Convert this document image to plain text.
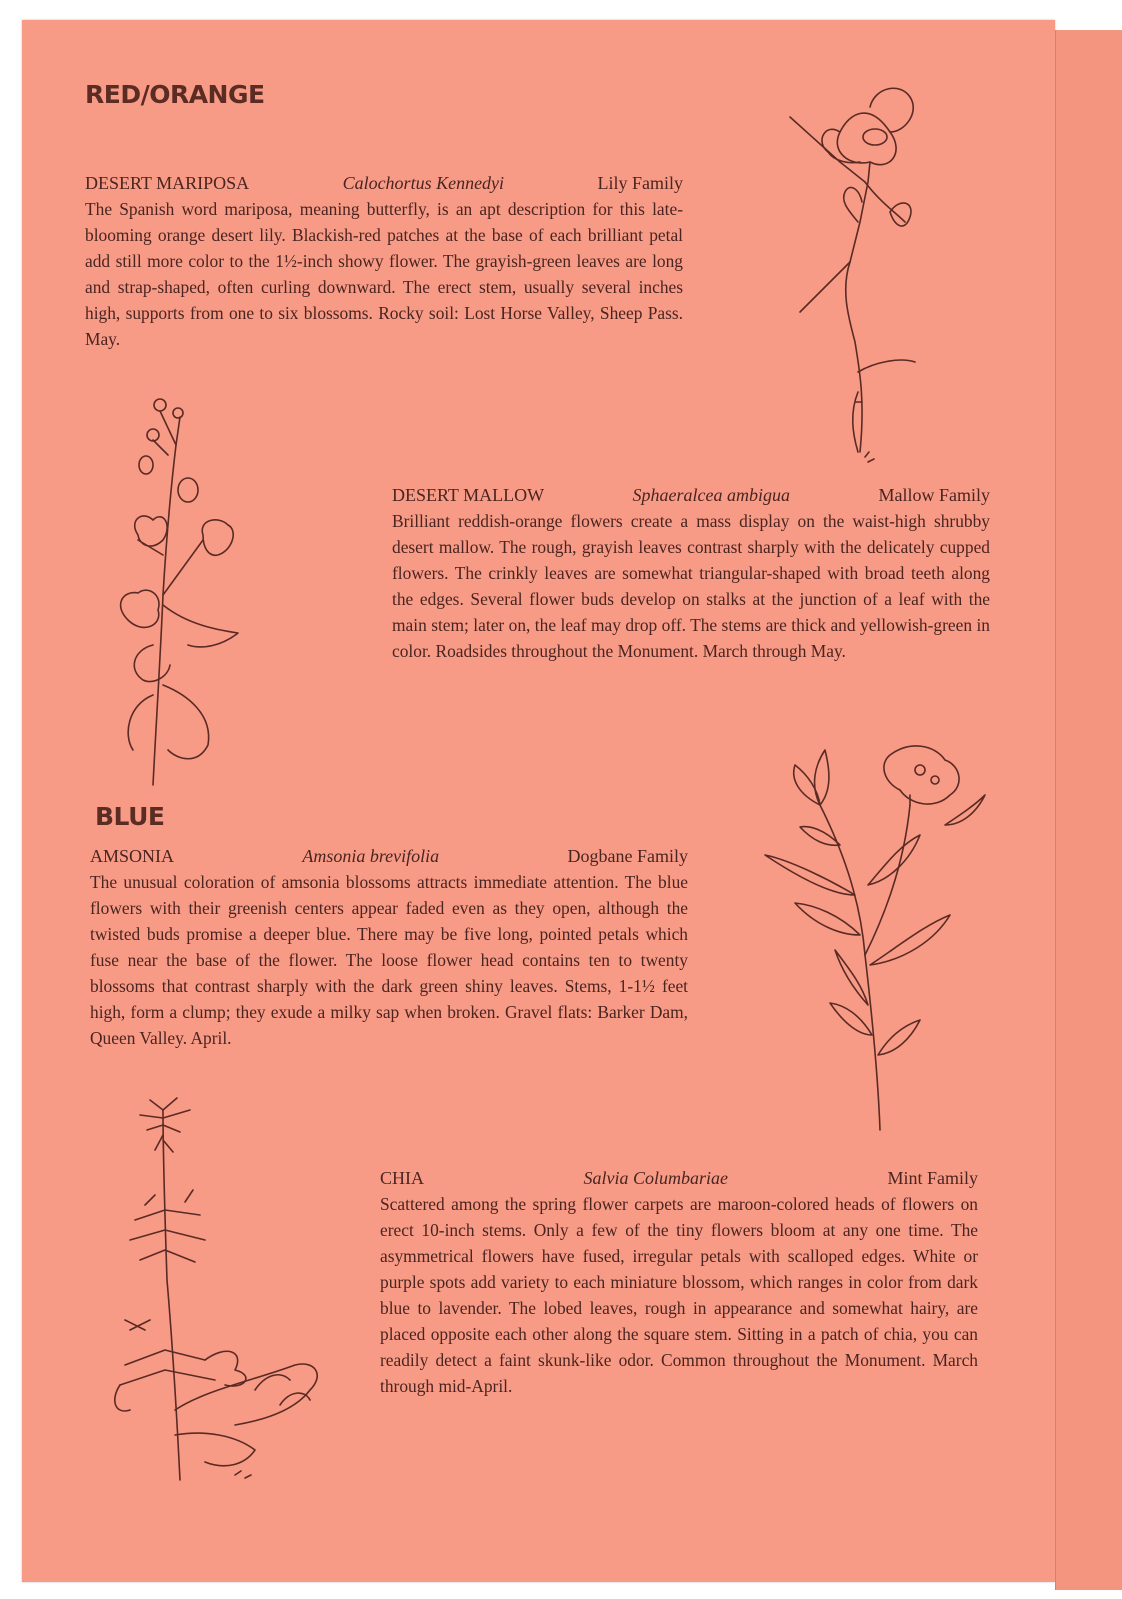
RED/ORANGE

DESERT MARIPOSA	Calochortus Kennedyi	Lily Family

The Spanish word mariposa, meaning butterfly, is an apt description for this late-blooming orange desert lily. Blackish-red patches at the base of each brilliant petal add still more color to the 1½-inch showy flower. The grayish-green leaves are long and strap-shaped, often curling downward. The erect stem, usually several inches high, supports from one to six blossoms. Rocky soil: Lost Horse Valley, Sheep Pass. May.

DESERT MALLOW	Sphaeralcea ambigua	Mallow Family

Brilliant reddish-orange flowers create a mass display on the waist-high shrubby desert mallow. The rough, grayish leaves contrast sharply with the delicately cupped flowers. The crinkly leaves are somewhat triangular-shaped with broad teeth along the edges. Several flower buds develop on stalks at the junction of a leaf with the main stem; later on, the leaf may drop off. The stems are thick and yellowish-green in color. Roadsides throughout the Monument. March through May.

BLUE

AMSONIA	Amsonia brevifolia	Dogbane Family

The unusual coloration of amsonia blossoms attracts immediate attention. The blue flowers with their greenish centers appear faded even as they open, although the twisted buds promise a deeper blue. There may be five long, pointed petals which fuse near the base of the flower. The loose flower head contains ten to twenty blossoms that contrast sharply with the dark green shiny leaves. Stems, 1-1½ feet high, form a clump; they exude a milky sap when broken. Gravel flats: Barker Dam, Queen Valley. April.

CHIA	Salvia Columbariae	Mint Family

Scattered among the spring flower carpets are maroon-colored heads of flowers on erect 10-inch stems. Only a few of the tiny flowers bloom at any one time. The asymmetrical flowers have fused, irregular petals with scalloped edges. White or purple spots add variety to each miniature blossom, which ranges in color from dark blue to lavender. The lobed leaves, rough in appearance and somewhat hairy, are placed opposite each other along the square stem. Sitting in a patch of chia, you can readily detect a faint skunk-like odor. Common throughout the Monument. March through mid-April.
